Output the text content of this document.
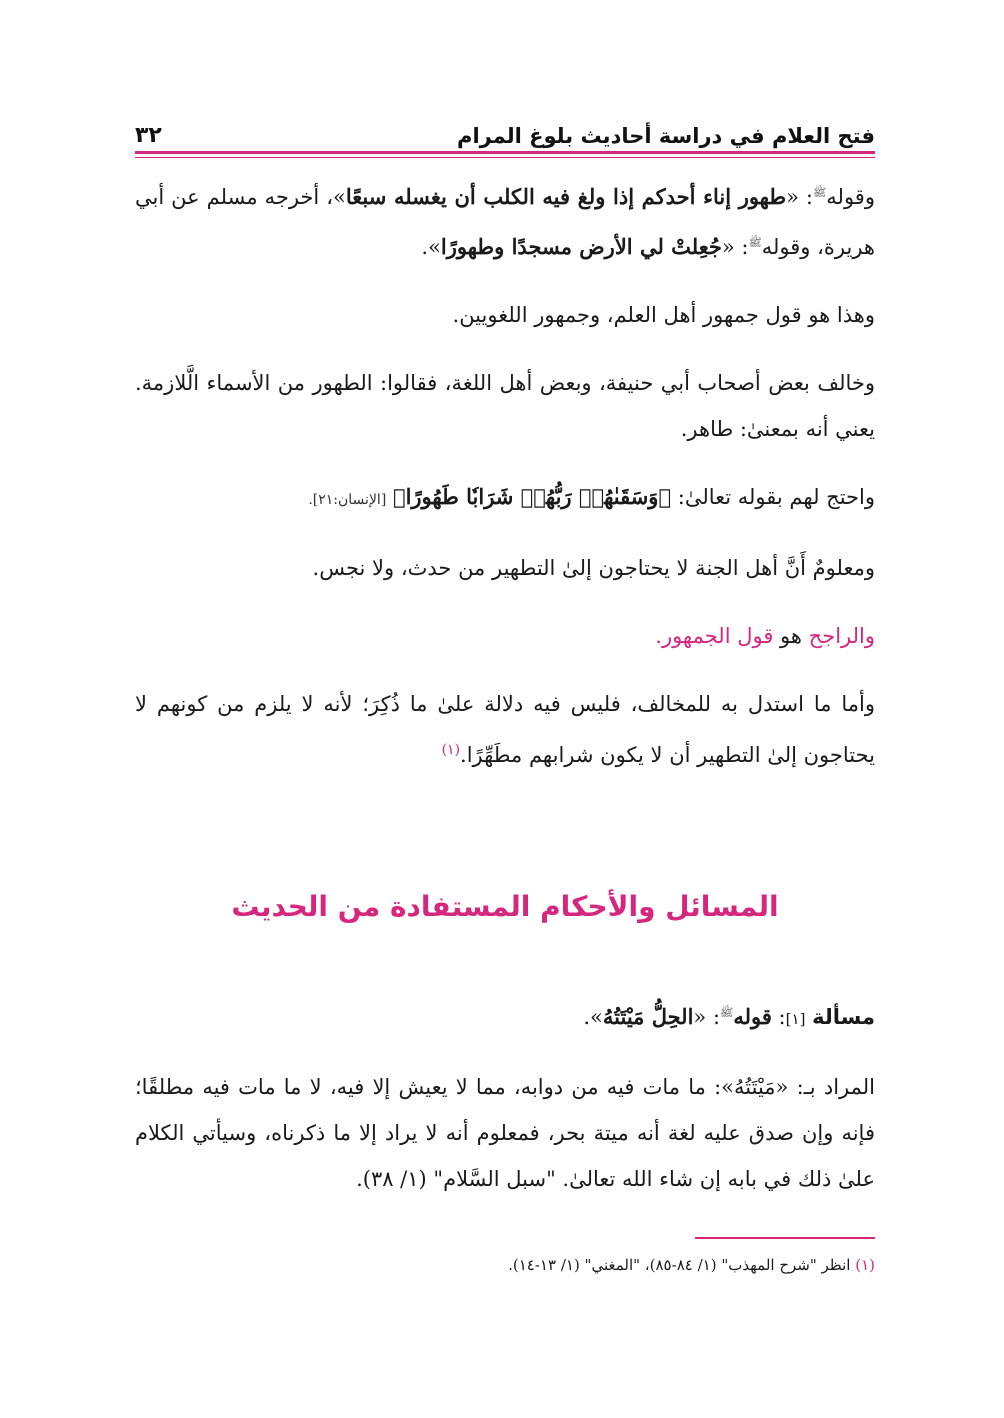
فتح العلام في دراسة أحاديث بلوغ المرام
٣٢

وقوله$^ﷺ$: «طهور إناء أحدكم إذا ولغ فيه الكلب أن يغسله سبعًا»، أخرجه مسلم عن أبي هريرة، وقوله$^ﷺ$: «جُعِلتْ لي الأرض مسجدًا وطهورًا».

وهذا هو قول جمهور أهل العلم، وجمهور اللغويين.

وخالف بعض أصحاب أبي حنيفة، وبعض أهل اللغة، فقالوا: الطهور من الأسماء الَّلازمة. يعني أنه بمعنىٰ: طاهر.

واحتج لهم بقوله تعالىٰ: ﴿وَسَقَىٰهُمۡ رَبُّهُمۡ شَرَابٗا طَهُورًا﴾ [الإنسان:٢١].

ومعلومٌ أَنَّ أهل الجنة لا يحتاجون إلىٰ التطهير من حدث، ولا نجس.

والراجح هو قول الجمهور.

وأما ما استدل به للمخالف، فليس فيه دلالة علىٰ ما ذُكِرَ؛ لأنه لا يلزم من كونهم لا يحتاجون إلىٰ التطهير أن لا يكون شرابهم مطَهِّرًا.$^{(١)}$

المسائل والأحكام المستفادة من الحديث

مسألة [١]: قوله$^ﷺ$: «الحِلُّ مَيْتَتُهُ».

المراد بـ: «مَيْتَتُهُ»: ما مات فيه من دوابه، مما لا يعيش إلا فيه، لا ما مات فيه مطلقًا؛ فإنه وإن صدق عليه لغة أنه ميتة بحر، فمعلوم أنه لا يراد إلا ما ذكرناه، وسيأتي الكلام علىٰ ذلك في بابه إن شاء الله تعالىٰ. "سبل السَّلام" (١/ ٣٨).

(١) انظر "شرح المهذب" (١/ ٨٤-٨٥)، "المغني" (١/ ١٣-١٤).
